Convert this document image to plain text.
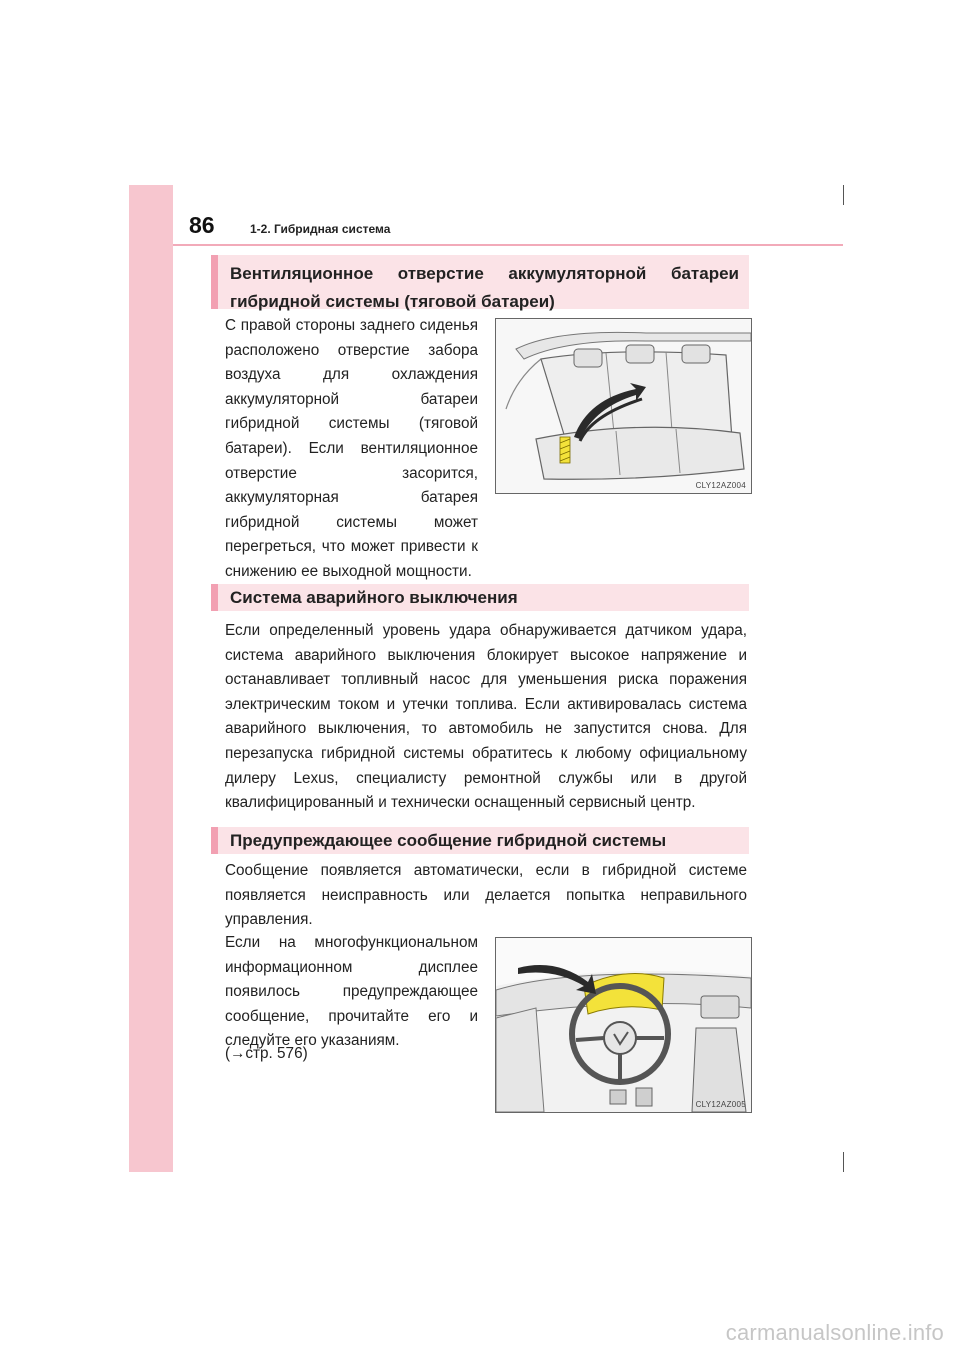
86	1-2. Гибридная система
Вентиляционное отверстие аккумуляторной батареи гибридной системы (тяговой батареи)
С правой стороны заднего сиденья расположено отверстие забора воздуха для охлаждения аккумуляторной батареи гибридной системы (тяговой батареи). Если вентиляционное отверстие засорится, аккумуляторная батарея гибридной системы может перегреться, что может привести к снижению ее выходной мощности.
CLY12AZ004
Система аварийного выключения
Если определенный уровень удара обнаруживается датчиком удара, система аварийного выключения блокирует высокое напряжение и останавливает топливный насос для уменьшения риска поражения электрическим током и утечки топлива. Если активировалась система аварийного выключения, то автомобиль не запустится снова. Для перезапуска гибридной системы обратитесь к любому официальному дилеру Lexus, специалисту ремонтной службы или в другой квалифицированный и технически оснащенный сервисный центр.
Предупреждающее сообщение гибридной системы
Сообщение появляется автоматически, если в гибридной системе появляется неисправность или делается попытка неправильного управления.
Если на многофункциональном информационном дисплее появилось предупреждающее сообщение, прочитайте его и следуйте его указаниям.
(→стр. 576)
CLY12AZ005
carmanualsonline.info
